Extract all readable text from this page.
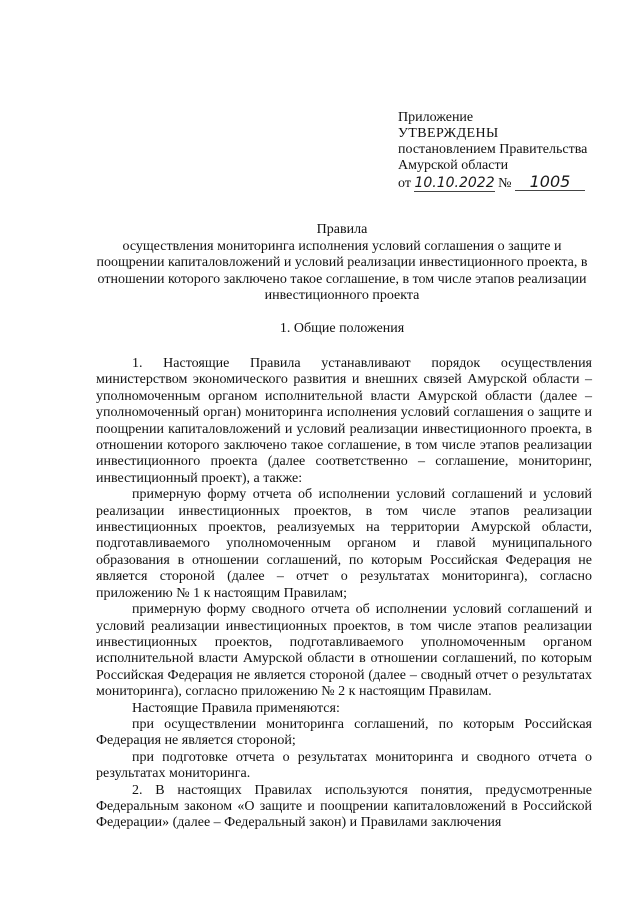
Приложение
УТВЕРЖДЕНЫ
постановлением Правительства
Амурской области
от 10.10.2022 № 1005
Правила
осуществления мониторинга исполнения условий соглашения о защите и поощрении капиталовложений и условий реализации инвестиционного проекта, в отношении которого заключено такое соглашение, в том числе этапов реализации инвестиционного проекта
1. Общие положения

1. Настоящие Правила устанавливают порядок осуществления министерством экономического развития и внешних связей Амурской области – уполномоченным органом исполнительной власти Амурской области (далее – уполномоченный орган) мониторинга исполнения условий соглашения о защите и поощрении капиталовложений и условий реализации инвестиционного проекта, в отношении которого заключено такое соглашение, в том числе этапов реализации инвестиционного проекта (далее соответственно – соглашение, мониторинг, инвестиционный проект), а также:

примерную форму отчета об исполнении условий соглашений и условий реализации инвестиционных проектов, в том числе этапов реализации инвестиционных проектов, реализуемых на территории Амурской области, подготавливаемого уполномоченным органом и главой муниципального образования в отношении соглашений, по которым Российская Федерация не является стороной (далее – отчет о результатах мониторинга), согласно приложению № 1 к настоящим Правилам;

примерную форму сводного отчета об исполнении условий соглашений и условий реализации инвестиционных проектов, в том числе этапов реализации инвестиционных проектов, подготавливаемого уполномоченным органом исполнительной власти Амурской области в отношении соглашений, по которым Российская Федерация не является стороной (далее – сводный отчет о результатах мониторинга), согласно приложению № 2 к настоящим Правилам.

Настоящие Правила применяются:

при осуществлении мониторинга соглашений, по которым Российская Федерация не является стороной;

при подготовке отчета о результатах мониторинга и сводного отчета о результатах мониторинга.

2. В настоящих Правилах используются понятия, предусмотренные Федеральным законом «О защите и поощрении капиталовложений в Российской Федерации» (далее – Федеральный закон) и Правилами заключения
